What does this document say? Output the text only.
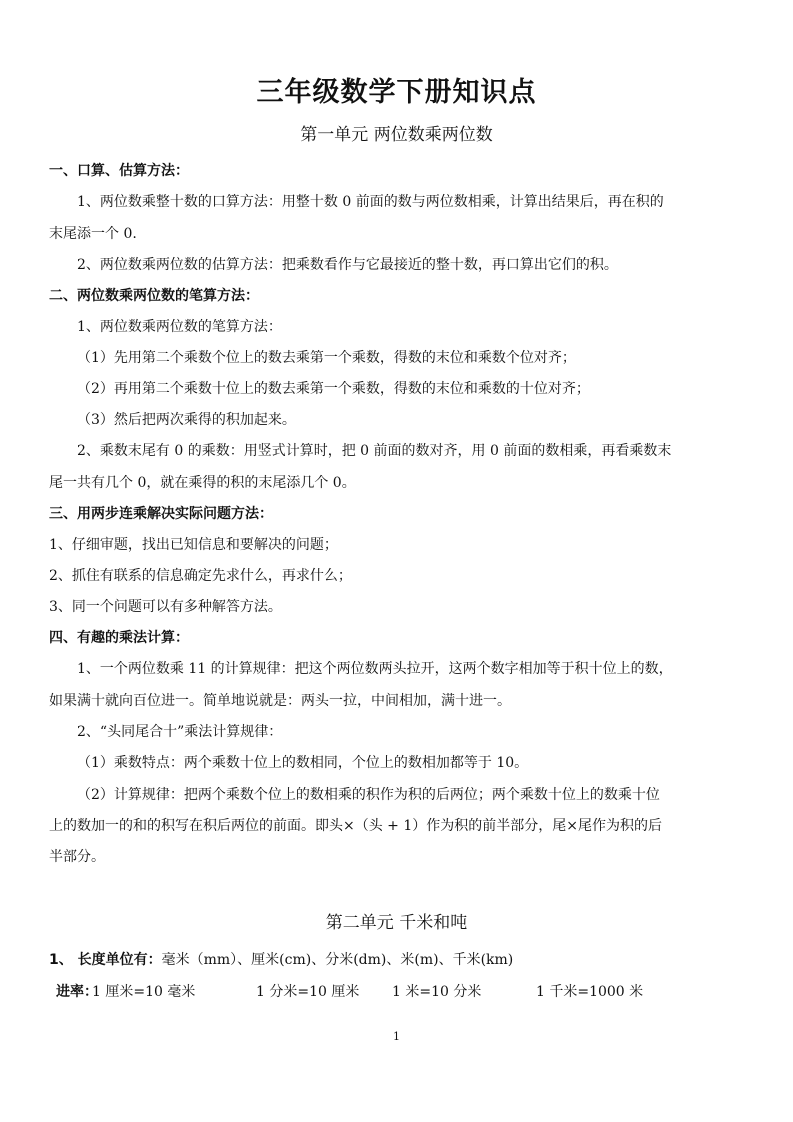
三年级数学下册知识点
第一单元 两位数乘两位数
一、口算、估算方法：
1、两位数乘整十数的口算方法：用整十数 0 前面的数与两位数相乘，计算出结果后，再在积的
末尾添一个 0.
2、两位数乘两位数的估算方法：把乘数看作与它最接近的整十数，再口算出它们的积。
二、两位数乘两位数的笔算方法：
1、两位数乘两位数的笔算方法：
（1）先用第二个乘数个位上的数去乘第一个乘数，得数的末位和乘数个位对齐；
（2）再用第二个乘数十位上的数去乘第一个乘数，得数的末位和乘数的十位对齐；
（3）然后把两次乘得的积加起来。
2、乘数末尾有 0 的乘数：用竖式计算时，把 0 前面的数对齐，用 0 前面的数相乘，再看乘数末
尾一共有几个 0，就在乘得的积的末尾添几个 0。
三、用两步连乘解决实际问题方法：
1、仔细审题，找出已知信息和要解决的问题；
2、抓住有联系的信息确定先求什么，再求什么；
3、同一个问题可以有多种解答方法。
四、有趣的乘法计算：
1、一个两位数乘 11 的计算规律：把这个两位数两头拉开，这两个数字相加等于积十位上的数，
如果满十就向百位进一。简单地说就是：两头一拉，中间相加，满十进一。
2、“头同尾合十”乘法计算规律：
（1）乘数特点：两个乘数十位上的数相同，个位上的数相加都等于 10。
（2）计算规律：把两个乘数个位上的数相乘的积作为积的后两位；两个乘数十位上的数乘十位
上的数加一的和的积写在积后两位的前面。即头×（头 + 1）作为积的前半部分，尾×尾作为积的后
半部分。
第二单元 千米和吨
1、 长度单位有：毫米（mm）、厘米(cm)、分米(dm)、米(m)、千米(km)
进率：
1 厘米=10 毫米	1 分米=10 厘米 1 米=10 分米	1 千米=1000 米
1
